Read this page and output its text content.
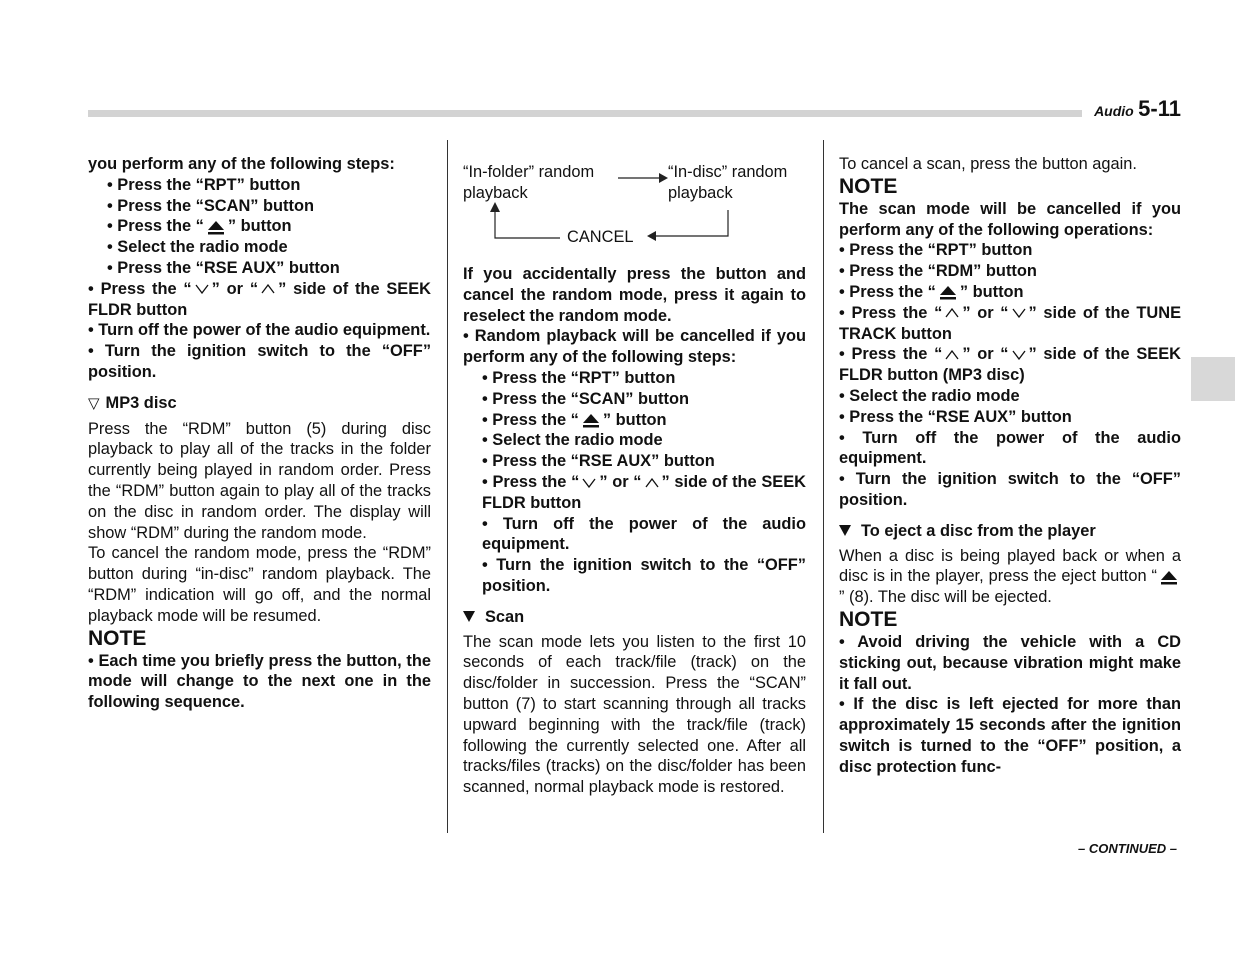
Audio 5-11

you perform any of the following steps:

• Press the “RPT” button

• Press the “SCAN” button

• Press the “ ” button

• Select the radio mode

• Press the “RSE AUX” button

• Press the “ ” or “ ” side of the SEEK FLDR button

• Turn off the power of the audio equipment.

• Turn the ignition switch to the “OFF” position.

▽ MP3 disc

Press the “RDM” button (5) during disc playback to play all of the tracks in the folder currently being played in random order. Press the “RDM” button again to play all of the tracks on the disc in random order. The display will show “RDM” during the random mode.

To cancel the random mode, press the “RDM” button during “in-disc” random playback. The “RDM” indication will go off, and the normal playback mode will be resumed.

NOTE

• Each time you briefly press the button, the mode will change to the next one in the following sequence.

“In-folder” random
playback
“In-disc” random
playback
CANCEL

If you accidentally press the button and cancel the random mode, press it again to reselect the random mode.

• Random playback will be cancelled if you perform any of the following steps:

• Press the “RPT” button

• Press the “SCAN” button

• Press the “ ” button

• Select the radio mode

• Press the “RSE AUX” button

• Press the “ ” or “ ” side of the SEEK FLDR button

• Turn off the power of the audio equipment.

• Turn the ignition switch to the “OFF” position.

Scan

The scan mode lets you listen to the first 10 seconds of each track/file (track) on the disc/folder in succession. Press the “SCAN” button (7) to start scanning through all tracks upward beginning with the track/file (track) following the currently selected one. After all tracks/files (tracks) on the disc/folder has been scanned, normal playback mode is restored.

To cancel a scan, press the button again.

NOTE

The scan mode will be cancelled if you perform any of the following operations:

• Press the “RPT” button

• Press the “RDM” button

• Press the “ ” button

• Press the “ ” or “ ” side of the TUNE TRACK button

• Press the “ ” or “ ” side of the SEEK FLDR button (MP3 disc)

• Select the radio mode

• Press the “RSE AUX” button

• Turn off the power of the audio equipment.

• Turn the ignition switch to the “OFF” position.

To eject a disc from the player

When a disc is being played back or when a disc is in the player, press the eject button “” (8). The disc will be ejected.

NOTE

• Avoid driving the vehicle with a CD sticking out, because vibration might make it fall out.

• If the disc is left ejected for more than approximately 15 seconds after the ignition switch is turned to the “OFF” position, a disc protection func-

– CONTINUED –
